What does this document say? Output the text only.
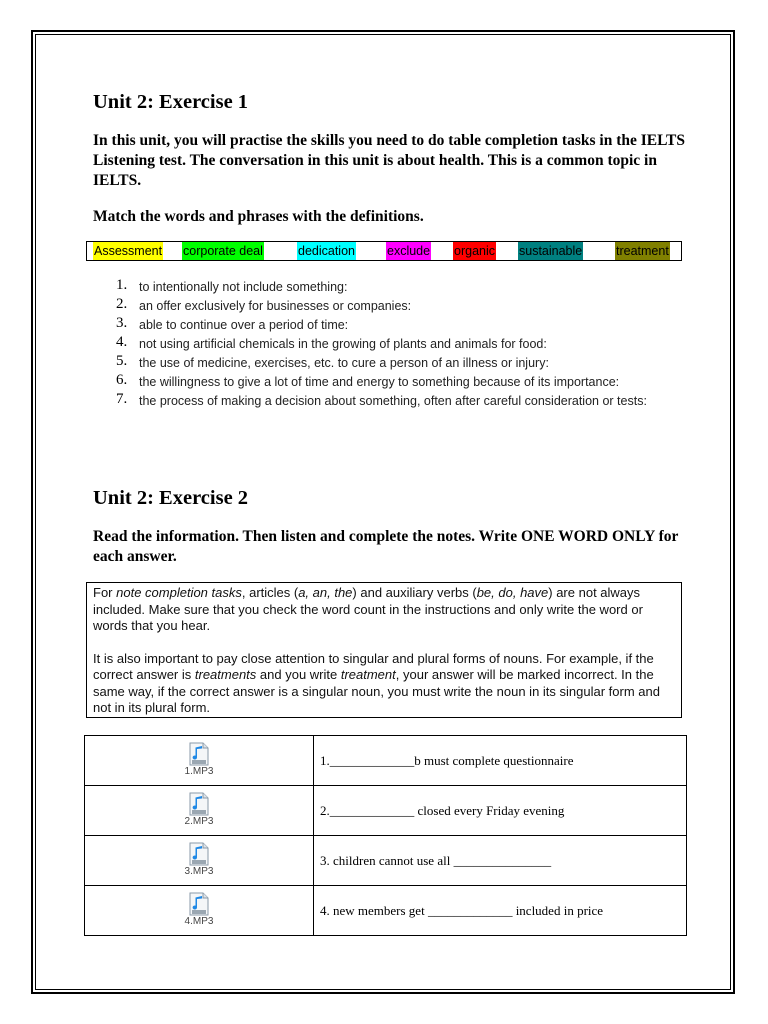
Unit 2: Exercise 1

In this unit, you will practise the skills you need to do table completion tasks in the IELTS Listening test. The conversation in this unit is about health. This is a common topic in IELTS.

Match the words and phrases with the definitions.

Assessment corporate deal	dedication	exclude organic sustainable	treatment
1. to intentionally not include something:
2. an offer exclusively for businesses or companies:
3. able to continue over a period of time:
4. not using artificial chemicals in the growing of plants and animals for food:
5. the use of medicine, exercises, etc. to cure a person of an illness or injury:
6. the willingness to give a lot of time and energy to something because of its importance:
7. the process of making a decision about something, often after careful consideration or tests:
Unit 2: Exercise 2

Read the information. Then listen and complete the notes. Write ONE WORD ONLY for each answer.

For note completion tasks, articles (a, an, the) and auxiliary verbs (be, do, have) are not always included. Make sure that you check the word count in the instructions and only write the word or words that you hear.

It is also important to pay close attention to singular and plural forms of nouns. For example, if the correct answer is treatments and you write treatment, your answer will be marked incorrect. In the same way, if the correct answer is a singular noun, you must write the noun in its singular form and not in its plural form.

1.MP3	1._____________b must complete questionnaire

2.MP3	2._____________ closed every Friday evening

3.MP3	3. children cannot use all _______________

4.MP3	4. new members get _____________ included in price
